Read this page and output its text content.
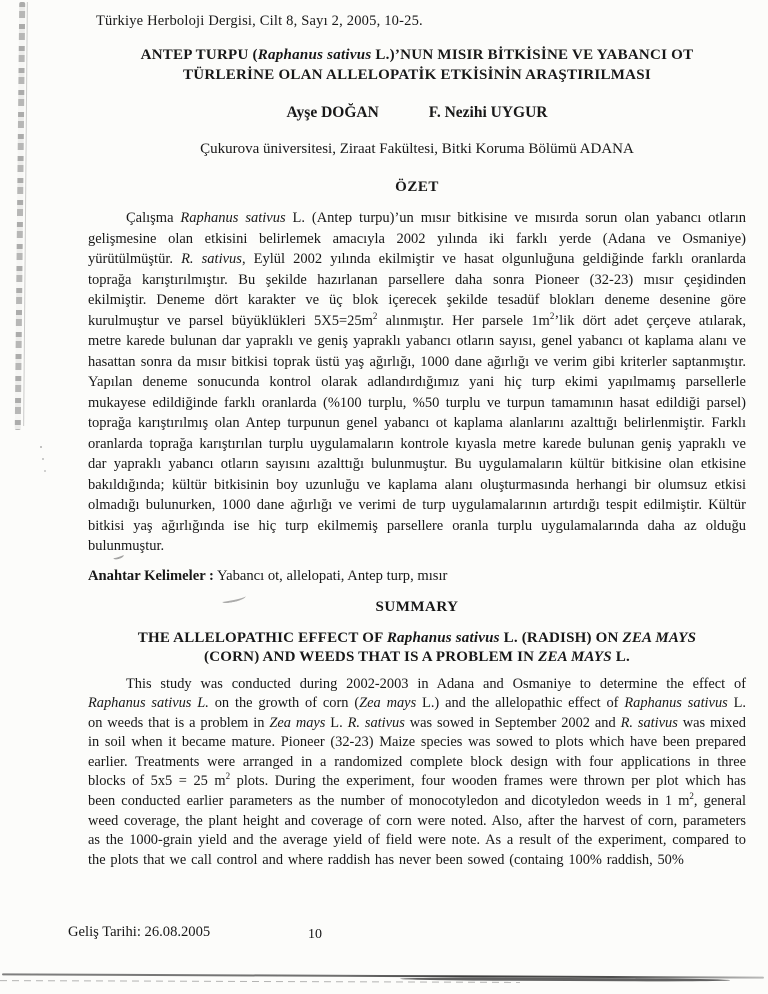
Türkiye Herboloji Dergisi, Cilt 8, Sayı 2, 2005, 10-25.
ANTEP TURPU (Raphanus sativus L.)’NUN MISIR BİTKİSİNE VE YABANCI OT
TÜRLERİNE OLAN ALLELOPATİK ETKİSİNİN ARAŞTIRILMASI
Ayşe DOĞAN	F. Nezihi UYGUR
Çukurova üniversitesi, Ziraat Fakültesi, Bitki Koruma Bölümü ADANA
ÖZET
Çalışma Raphanus sativus L. (Antep turpu)’un mısır bitkisine ve mısırda sorun olan yabancı otların gelişmesine olan etkisini belirlemek amacıyla 2002 yılında iki farklı yerde (Adana ve Osmaniye) yürütülmüştür. R. sativus, Eylül 2002 yılında ekilmiştir ve hasat olgunluğuna geldiğinde farklı oranlarda toprağa karıştırılmıştır. Bu şekilde hazırlanan parsellere daha sonra Pioneer (32-23) mısır çeşidinden ekilmiştir. Deneme dört karakter ve üç blok içerecek şekilde tesadüf blokları deneme desenine göre kurulmuştur ve parsel büyüklükleri $5X5=25m^2$ alınmıştır. Her parsele $1m^2’lik$ dört adet çerçeve atılarak, metre karede bulunan dar yapraklı ve geniş yapraklı yabancı otların sayısı, genel yabancı ot kaplama alanı ve hasattan sonra da mısır bitkisi toprak üstü yaş ağırlığı, 1000 dane ağırlığı ve verim gibi kriterler saptanmıştır. Yapılan deneme sonucunda kontrol olarak adlandırdığımız yani hiç turp ekimi yapılmamış parsellerle mukayese edildiğinde farklı oranlarda (%100 turplu, %50 turplu ve turpun tamamının hasat edildiği parsel) toprağa karıştırılmış olan Antep turpunun genel yabancı ot kaplama alanlarını azalttığı belirlenmiştir. Farklı oranlarda toprağa karıştırılan turplu uygulamaların kontrole kıyasla metre karede bulunan geniş yapraklı ve dar yapraklı yabancı otların sayısını azalttığı bulunmuştur. Bu uygulamaların kültür bitkisine olan etkisine bakıldığında; kültür bitkisinin boy uzunluğu ve kaplama alanı oluşturmasında herhangi bir olumsuz etkisi olmadığı bulunurken, 1000 dane ağırlığı ve verimi de turp uygulamalarının artırdığı tespit edilmiştir. Kültür bitkisi yaş ağırlığında ise hiç turp ekilmemiş parsellere oranla turplu uygulamalarında daha az olduğu bulunmuştur.
Anahtar Kelimeler : Yabancı ot, allelopati, Antep turp, mısır
SUMMARY
THE ALLELOPATHIC EFFECT OF Raphanus sativus L. (RADISH) ON ZEA MAYS
(CORN) AND WEEDS THAT IS A PROBLEM IN ZEA MAYS L.
This study was conducted during 2002-2003 in Adana and Osmaniye to determine the effect of Raphanus sativus L. on the growth of corn (Zea mays L.) and the allelopathic effect of Raphanus sativus L. on weeds that is a problem in Zea mays L. R. sativus was sowed in September 2002 and R. sativus was mixed in soil when it became mature. Pioneer (32-23) Maize species was sowed to plots which have been prepared earlier. Treatments were arranged in a randomized complete block design with four applications in three blocks of 5x5 = 25 $m^2$ plots. During the experiment, four wooden frames were thrown per plot which has been conducted earlier parameters as the number of monocotyledon and dicotyledon weeds in 1 $m^2$, general weed coverage, the plant height and coverage of corn were noted. Also, after the harvest of corn, parameters as the 1000-grain yield and the average yield of field were note. As a result of the experiment, compared to the plots that we call control and where raddish has never been sowed (containg 100% raddish, 50%
Geliş Tarihi: 26.08.2005	10
